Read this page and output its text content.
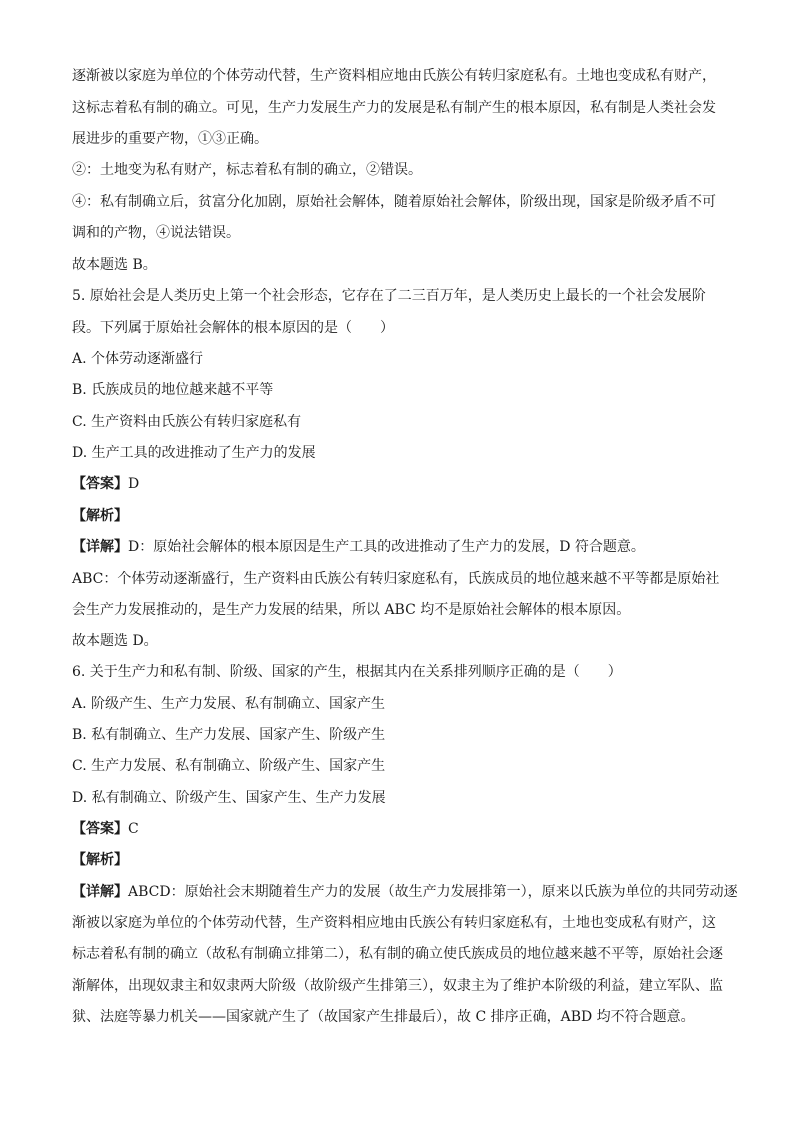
逐渐被以家庭为单位的个体劳动代替，生产资料相应地由氏族公有转归家庭私有。土地也变成私有财产，
这标志着私有制的确立。可见，生产力发展生产力的发展是私有制产生的根本原因，私有制是人类社会发
展进步的重要产物，①③正确。
②：土地变为私有财产，标志着私有制的确立，②错误。
④：私有制确立后，贫富分化加剧，原始社会解体，随着原始社会解体，阶级出现，国家是阶级矛盾不可
调和的产物，④说法错误。
故本题选 B。
5. 原始社会是人类历史上第一个社会形态，它存在了二三百万年，是人类历史上最长的一个社会发展阶
段。下列属于原始社会解体的根本原因的是（　　）
A. 个体劳动逐渐盛行
B. 氏族成员的地位越来越不平等
C. 生产资料由氏族公有转归家庭私有
D. 生产工具的改进推动了生产力的发展
【答案】D
【解析】
【详解】D：原始社会解体的根本原因是生产工具的改进推动了生产力的发展，D 符合题意。
ABC：个体劳动逐渐盛行，生产资料由氏族公有转归家庭私有，氏族成员的地位越来越不平等都是原始社
会生产力发展推动的，是生产力发展的结果，所以 ABC 均不是原始社会解体的根本原因。
故本题选 D。
6. 关于生产力和私有制、阶级、国家的产生，根据其内在关系排列顺序正确的是（　　）
A. 阶级产生、生产力发展、私有制确立、国家产生
B. 私有制确立、生产力发展、国家产生、阶级产生
C. 生产力发展、私有制确立、阶级产生、国家产生
D. 私有制确立、阶级产生、国家产生、生产力发展
【答案】C
【解析】
【详解】ABCD：原始社会末期随着生产力的发展（故生产力发展排第一），原来以氏族为单位的共同劳动逐
渐被以家庭为单位的个体劳动代替，生产资料相应地由氏族公有转归家庭私有，土地也变成私有财产，这
标志着私有制的确立（故私有制确立排第二），私有制的确立使氏族成员的地位越来越不平等，原始社会逐
渐解体，出现奴隶主和奴隶两大阶级（故阶级产生排第三），奴隶主为了维护本阶级的利益，建立军队、监
狱、法庭等暴力机关——国家就产生了（故国家产生排最后），故 C 排序正确，ABD 均不符合题意。
